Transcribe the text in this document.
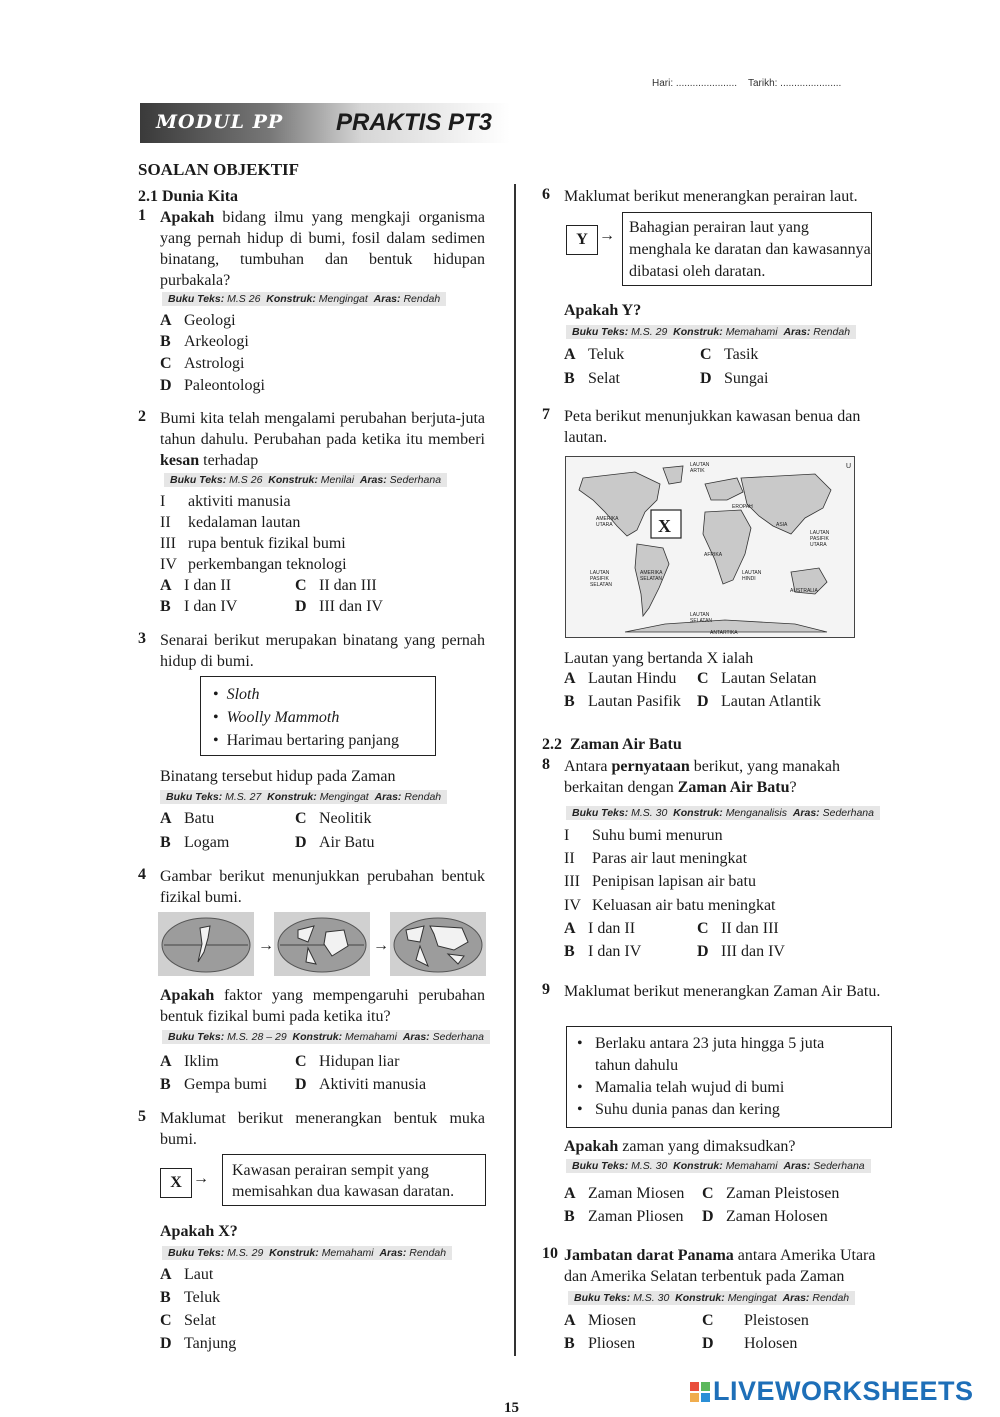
Hari: ...................... Tarikh: ......................
MODUL PP PRAKTIS PT3
SOALAN OBJEKTIF
2.1 Dunia Kita
1 Apakah bidang ilmu yang mengkaji organisma yang pernah hidup di bumi, fosil dalam sedimen binatang, tumbuhan dan bentuk hidupan purbakala?
Buku Teks: M.S 26 Konstruk: Mengingat Aras: Rendah
A Geologi
B Arkeologi
C Astrologi
D Paleontologi
2 Bumi kita telah mengalami perubahan berjuta-juta tahun dahulu. Perubahan pada ketika itu memberi kesan terhadap
Buku Teks: M.S 26 Konstruk: Menilai Aras: Sederhana
I aktiviti manusia
II kedalaman lautan
III rupa bentuk fizikal bumi
IV perkembangan teknologi
A I dan II	C II dan III
B I dan IV	D III dan IV
3 Senarai berikut merupakan binatang yang pernah hidup di bumi.
•  Sloth
•  Woolly Mammoth
•  Harimau bertaring panjang
Binatang tersebut hidup pada Zaman
Buku Teks: M.S. 27 Konstruk: Mengingat Aras: Rendah
A Batu	C Neolitik
B Logam	D Air Batu
4 Gambar berikut menunjukkan perubahan bentuk fizikal bumi.
→	→
Apakah faktor yang mempengaruhi perubahan bentuk fizikal bumi pada ketika itu?
Buku Teks: M.S. 28 – 29 Konstruk: Memahami Aras: Sederhana
A Iklim	C Hidupan liar
B Gempa bumi D Aktiviti manusia
5 Maklumat berikut menerangkan bentuk muka bumi.
X → Kawasan perairan sempit yang memisahkan dua kawasan daratan.
Apakah X?
Buku Teks: M.S. 29 Konstruk: Memahami Aras: Rendah
A Laut
B Teluk
C Selat
D Tanjung
6 Maklumat berikut menerangkan perairan laut.
Y → Bahagian perairan laut yang menghala ke daratan dan kawasannya dibatasi oleh daratan.
Apakah Y?
Buku Teks: M.S. 29 Konstruk: Memahami Aras: Rendah
A Teluk	C Tasik
B Selat	D Sungai
7 Peta berikut menunjukkan kawasan benua dan lautan.
X
LAUTAN ARTIK
EROPAH
AMERIKA UTARA	ASIA
LAUTAN PASIFIK UTARA
AFRIKA
LAUTAN PASIFIK SELATAN
LAUTAN HINDI
AMERIKA SELATAN
AUSTRALIA
LAUTAN SELATAN
ANTARTIKA
U
Lautan yang bertanda X ialah
A Lautan Hindu C Lautan Selatan
B Lautan Pasifik D Lautan Atlantik
2.2 Zaman Air Batu
8 Antara pernyataan berikut, yang manakah berkaitan dengan Zaman Air Batu?
Buku Teks: M.S. 30 Konstruk: Menganalisis Aras: Sederhana
I Suhu bumi menurun
II Paras air laut meningkat
III Penipisan lapisan air batu
IV Keluasan air batu meningkat
A I dan II	C II dan III
B I dan IV	D III dan IV
9 Maklumat berikut menerangkan Zaman Air Batu.
• Berlaku antara 23 juta hingga 5 juta tahun dahulu
• Mamalia telah wujud di bumi
• Suhu dunia panas dan kering
Apakah zaman yang dimaksudkan?
Buku Teks: M.S. 30 Konstruk: Memahami Aras: Sederhana
A Zaman Miosen C Zaman Pleistosen
B Zaman Pliosen D Zaman Holosen
10 Jambatan darat Panama antara Amerika Utara dan Amerika Selatan terbentuk pada Zaman
Buku Teks: M.S. 30 Konstruk: Mengingat Aras: Rendah
A Miosen	C Pleistosen
B Pliosen	D Holosen
15
LIVEWORKSHEETS
